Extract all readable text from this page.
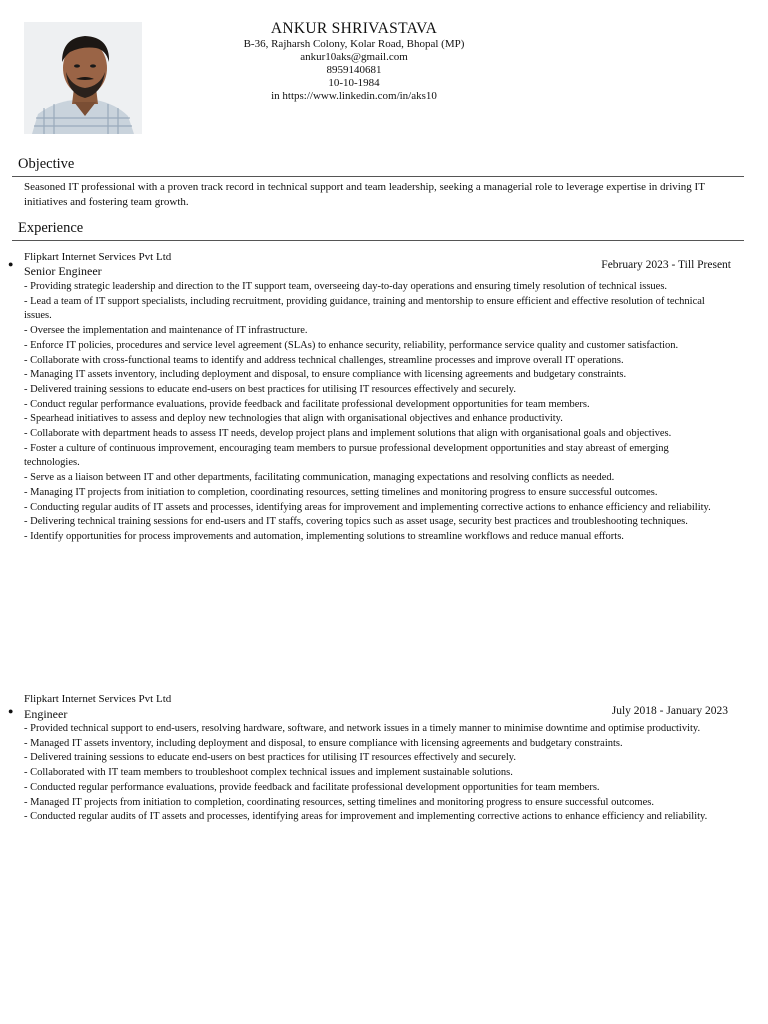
ANKUR SHRIVASTAVA
B-36, Rajharsh Colony, Kolar Road, Bhopal (MP)
ankur10aks@gmail.com
8959140681
10-10-1984
in https://www.linkedin.com/in/aks10
Objective
Seasoned IT professional with a proven track record in technical support and team leadership, seeking a managerial role to leverage expertise in driving IT initiatives and fostering team growth.
Experience
●
Flipkart Internet Services Pvt Ltd
Senior Engineer	February 2023 - Till Present
- Providing strategic leadership and direction to the IT support team, overseeing day-to-day operations and ensuring timely resolution of technical issues.
- Lead a team of IT support specialists, including recruitment, providing guidance, training and mentorship to ensure efficient and effective resolution of technical issues.
- Oversee the implementation and maintenance of IT infrastructure.
- Enforce IT policies, procedures and service level agreement (SLAs) to enhance security, reliability, performance service quality and customer satisfaction.
- Collaborate with cross-functional teams to identify and address technical challenges, streamline processes and improve overall IT operations.
- Managing IT assets inventory, including deployment and disposal, to ensure compliance with licensing agreements and budgetary constraints.
- Delivered training sessions to educate end-users on best practices for utilising IT resources effectively and securely.
- Conduct regular performance evaluations, provide feedback and facilitate professional development opportunities for team members.
- Spearhead initiatives to assess and deploy new technologies that align with organisational objectives and enhance productivity.
- Collaborate with department heads to assess IT needs, develop project plans and implement solutions that align with organisational goals and objectives.
- Foster a culture of continuous improvement, encouraging team members to pursue professional development opportunities and stay abreast of emerging technologies.
- Serve as a liaison between IT and other departments, facilitating communication, managing expectations and resolving conflicts as needed.
- Managing IT projects from initiation to completion, coordinating resources, setting timelines and monitoring progress to ensure successful outcomes.
- Conducting regular audits of IT assets and processes, identifying areas for improvement and implementing corrective actions to enhance efficiency and reliability.
- Delivering technical training sessions for end-users and IT staffs, covering topics such as asset usage, security best practices and troubleshooting techniques.
- Identify opportunities for process improvements and automation, implementing solutions to streamline workflows and reduce manual efforts.
●
Flipkart Internet Services Pvt Ltd
Engineer	July 2018 - January 2023
- Provided technical support to end-users, resolving hardware, software, and network issues in a timely manner to minimise downtime and optimise productivity.
- Managed IT assets inventory, including deployment and disposal, to ensure compliance with licensing agreements and budgetary constraints.
- Delivered training sessions to educate end-users on best practices for utilising IT resources effectively and securely.
- Collaborated with IT team members to troubleshoot complex technical issues and implement sustainable solutions.
- Conducted regular performance evaluations, provide feedback and facilitate professional development opportunities for team members.
- Managed IT projects from initiation to completion, coordinating resources, setting timelines and monitoring progress to ensure successful outcomes.
- Conducted regular audits of IT assets and processes, identifying areas for improvement and implementing corrective actions to enhance efficiency and reliability.
